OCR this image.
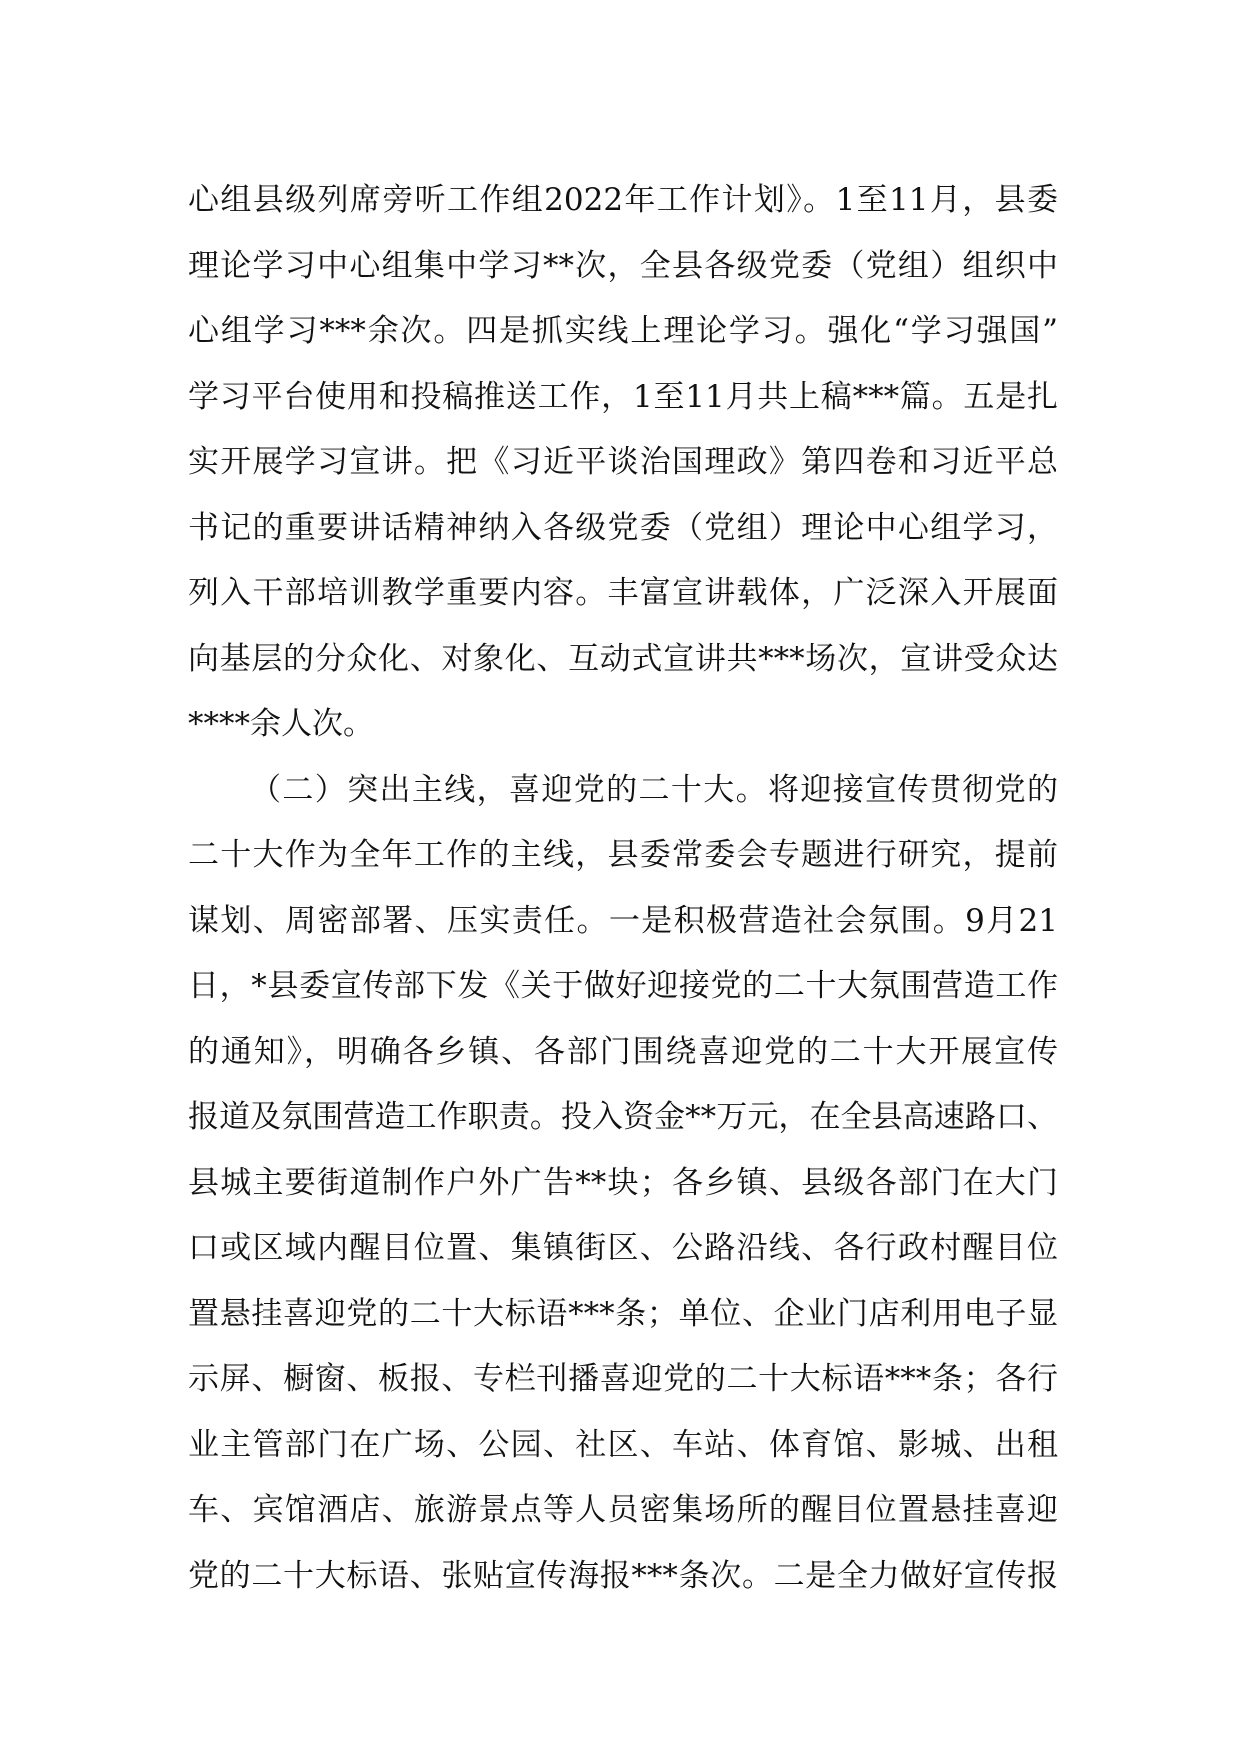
心组县级列席旁听工作组2022年工作计划》。1至11月，县委
理论学习中心组集中学习**次，全县各级党委（党组）组织中
心组学习***余次。四是抓实线上理论学习。强化“学习强国”
学习平台使用和投稿推送工作，1至11月共上稿***篇。五是扎
实开展学习宣讲。把《习近平谈治国理政》第四卷和习近平总
书记的重要讲话精神纳入各级党委（党组）理论中心组学习，
列入干部培训教学重要内容。丰富宣讲载体，广泛深入开展面
向基层的分众化、对象化、互动式宣讲共***场次，宣讲受众达
****余人次。
（二）突出主线，喜迎党的二十大。将迎接宣传贯彻党的
二十大作为全年工作的主线，县委常委会专题进行研究，提前
谋划、周密部署、压实责任。一是积极营造社会氛围。9月21
日，*县委宣传部下发《关于做好迎接党的二十大氛围营造工作
的通知》，明确各乡镇、各部门围绕喜迎党的二十大开展宣传
报道及氛围营造工作职责。投入资金**万元，在全县高速路口、
县城主要街道制作户外广告**块；各乡镇、县级各部门在大门
口或区域内醒目位置、集镇街区、公路沿线、各行政村醒目位
置悬挂喜迎党的二十大标语***条；单位、企业门店利用电子显
示屏、橱窗、板报、专栏刊播喜迎党的二十大标语***条；各行
业主管部门在广场、公园、社区、车站、体育馆、影城、出租
车、宾馆酒店、旅游景点等人员密集场所的醒目位置悬挂喜迎
党的二十大标语、张贴宣传海报***条次。二是全力做好宣传报
